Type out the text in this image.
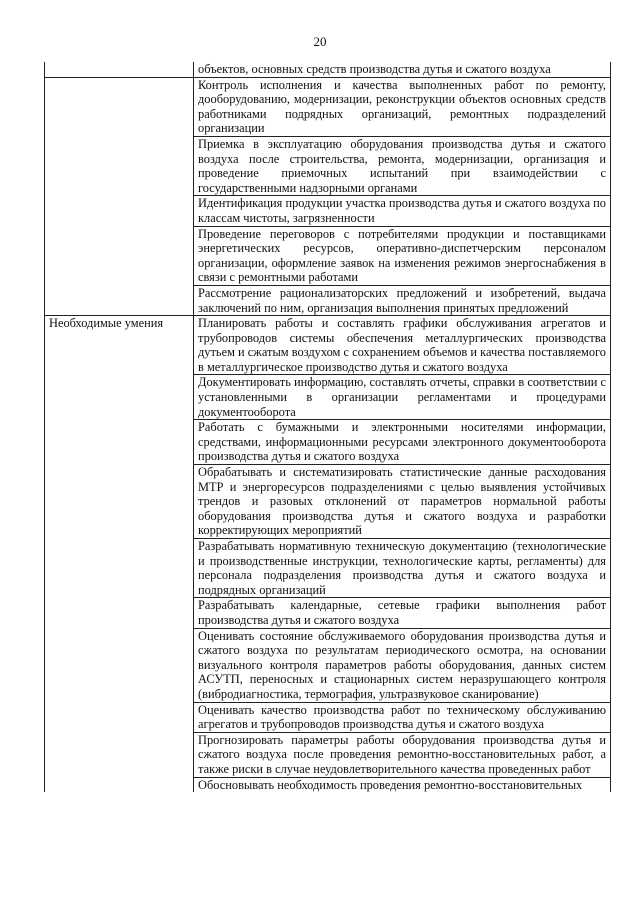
20
	объектов, основных средств производства дутья и сжатого воздуха
	Контроль исполнения и качества выполненных работ по ремонту, дооборудованию, модернизации, реконструкции объектов основных средств работниками подрядных организаций, ремонтных подразделений организации
	Приемка в эксплуатацию оборудования производства дутья и сжатого воздуха после строительства, ремонта, модернизации, организация и проведение приемочных испытаний при взаимодействии с государственными надзорными органами
	Идентификация продукции участка производства дутья и сжатого воздуха по классам чистоты, загрязненности
	Проведение переговоров с потребителями продукции и поставщиками энергетических ресурсов, оперативно-диспетчерским персоналом организации, оформление заявок на изменения режимов энергоснабжения в связи с ремонтными работами
	Рассмотрение рационализаторских предложений и изобретений, выдача заключений по ним, организация выполнения принятых предложений
Необходимые умения	Планировать работы и составлять графики обслуживания агрегатов и трубопроводов системы обеспечения металлургических производства дутьем и сжатым воздухом с сохранением объемов и качества поставляемого в металлургическое производство дутья и сжатого воздуха
	Документировать информацию, составлять отчеты, справки в соответствии с установленными в организации регламентами и процедурами документооборота
	Работать с бумажными и электронными носителями информации, средствами, информационными ресурсами электронного документооборота производства дутья и сжатого воздуха
	Обрабатывать и систематизировать статистические данные расходования МТР и энергоресурсов подразделениями с целью выявления устойчивых трендов и разовых отклонений от параметров нормальной работы оборудования производства дутья и сжатого воздуха и разработки корректирующих мероприятий
	Разрабатывать нормативную техническую документацию (технологические и производственные инструкции, технологические карты, регламенты) для персонала подразделения производства дутья и сжатого воздуха и подрядных организаций
	Разрабатывать календарные, сетевые графики выполнения работ производства дутья и сжатого воздуха
	Оценивать состояние обслуживаемого оборудования производства дутья и сжатого воздуха по результатам периодического осмотра, на основании визуального контроля параметров работы оборудования, данных систем АСУТП, переносных и стационарных систем неразрушающего контроля (вибродиагностика, термография, ультразвуковое сканирование)
	Оценивать качество производства работ по техническому обслуживанию агрегатов и трубопроводов производства дутья и сжатого воздуха
	Прогнозировать параметры работы оборудования производства дутья и сжатого воздуха после проведения ремонтно-восстановительных работ, а также риски в случае неудовлетворительного качества проведенных работ
	Обосновывать необходимость проведения ремонтно-восстановительных
